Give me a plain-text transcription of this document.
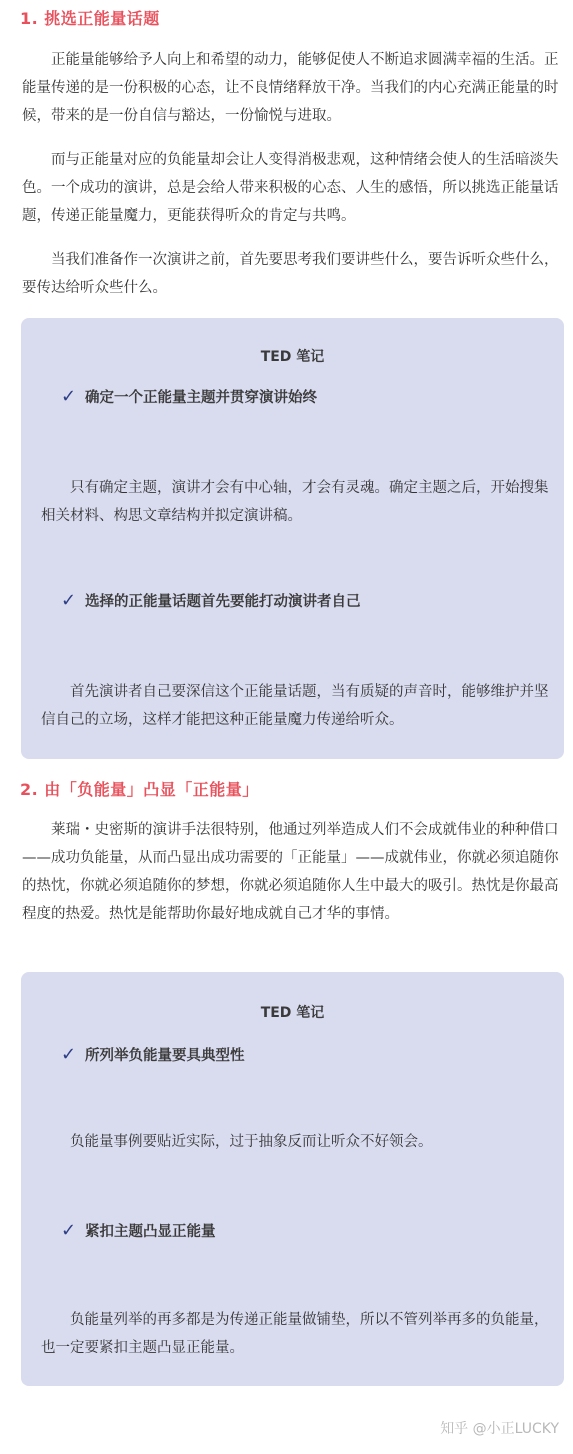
1. 挑选正能量话题

正能量能够给予人向上和希望的动力，能够促使人不断追求圆满幸福的生活。正能量传递的是一份积极的心态，让不良情绪释放干净。当我们的内心充满正能量的时候，带来的是一份自信与豁达，一份愉悦与进取。

而与正能量对应的负能量却会让人变得消极悲观，这种情绪会使人的生活暗淡失色。一个成功的演讲，总是会给人带来积极的心态、人生的感悟，所以挑选正能量话题，传递正能量魔力，更能获得听众的肯定与共鸣。

当我们准备作一次演讲之前，首先要思考我们要讲些什么，要告诉听众些什么，要传达给听众些什么。

TED 笔记
✓ 确定一个正能量主题并贯穿演讲始终

只有确定主题，演讲才会有中心轴，才会有灵魂。确定主题之后，开始搜集相关材料、构思文章结构并拟定演讲稿。

✓ 选择的正能量话题首先要能打动演讲者自己

首先演讲者自己要深信这个正能量话题，当有质疑的声音时，能够维护并坚信自己的立场，这样才能把这种正能量魔力传递给听众。

2. 由「负能量」凸显「正能量」

莱瑞・史密斯的演讲手法很特别，他通过列举造成人们不会成就伟业的种种借口——成功负能量，从而凸显出成功需要的「正能量」——成就伟业，你就必须追随你的热忱，你就必须追随你的梦想，你就必须追随你人生中最大的吸引。热忱是你最高程度的热爱。热忱是能帮助你最好地成就自己才华的事情。

TED 笔记
✓ 所列举负能量要具典型性

负能量事例要贴近实际，过于抽象反而让听众不好领会。

✓ 紧扣主题凸显正能量

负能量列举的再多都是为传递正能量做铺垫，所以不管列举再多的负能量，也一定要紧扣主题凸显正能量。

知乎 @小正LUCKY
